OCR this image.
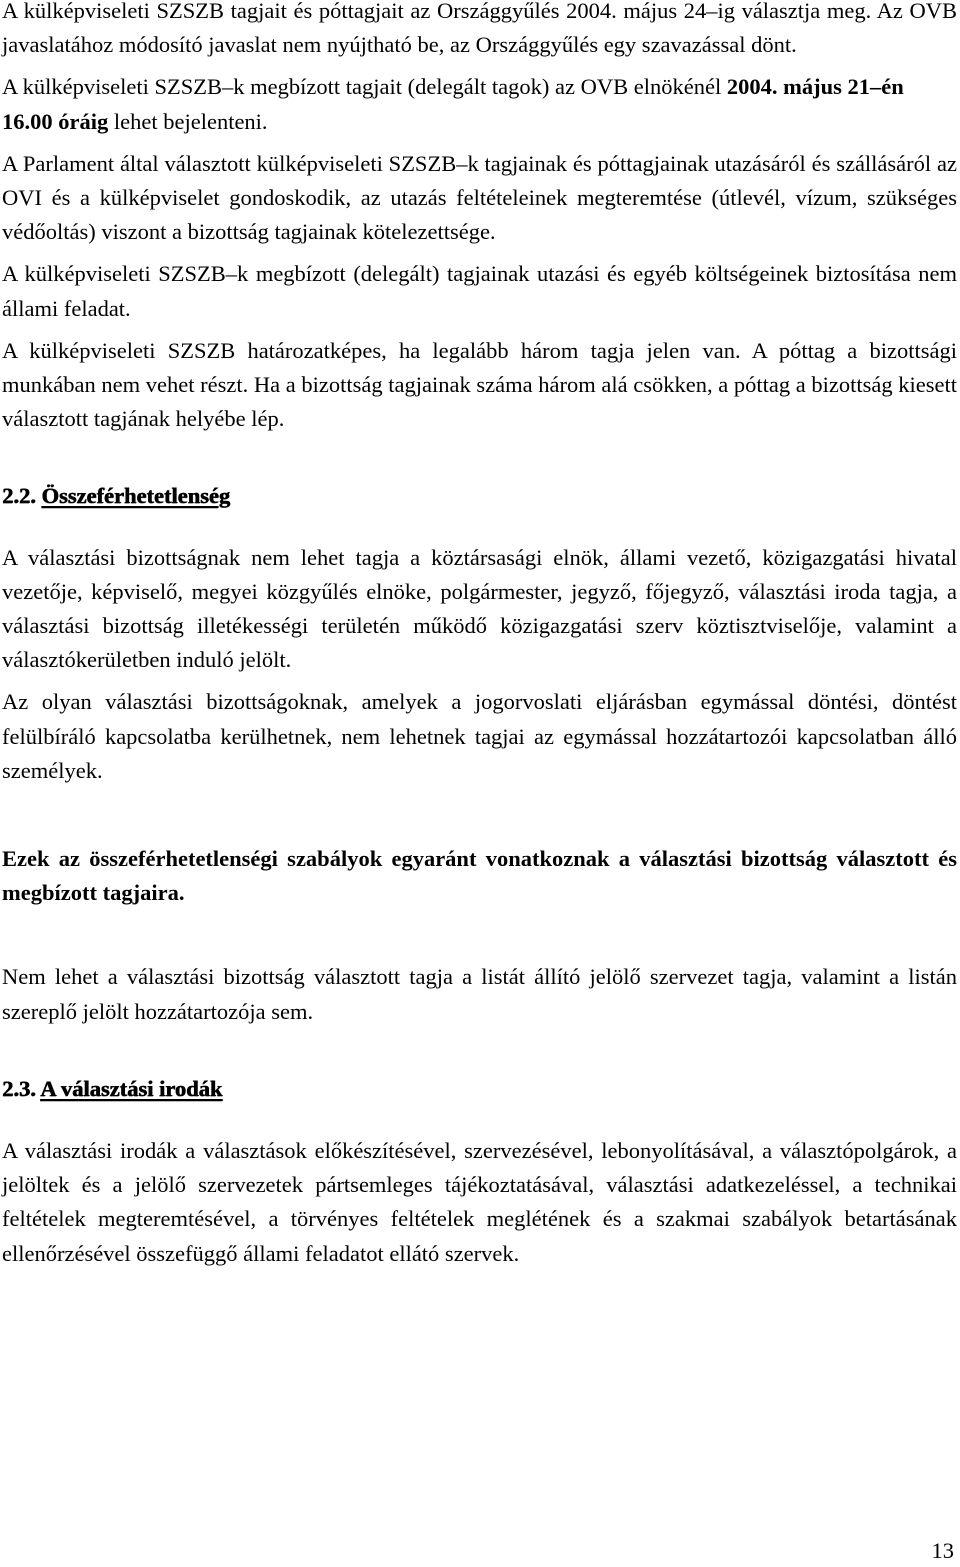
A külképviseleti SZSZB tagjait és póttagjait az Országgyűlés 2004. május 24–ig választja meg. Az OVB javaslatához módosító javaslat nem nyújtható be, az Országgyűlés egy szavazással dönt.

A külképviseleti SZSZB–k megbízott tagjait (delegált tagok) az OVB elnökénél 2004. május 21–én 16.00 óráig lehet bejelenteni.

A Parlament által választott külképviseleti SZSZB–k tagjainak és póttagjainak utazásáról és szállásáról az OVI és a külképviselet gondoskodik, az utazás feltételeinek megteremtése (útlevél, vízum, szükséges védőoltás) viszont a bizottság tagjainak kötelezettsége.

A külképviseleti SZSZB–k megbízott (delegált) tagjainak utazási és egyéb költségeinek biztosítása nem állami feladat.

A külképviseleti SZSZB határozatképes, ha legalább három tagja jelen van. A póttag a bizottsági munkában nem vehet részt. Ha a bizottság tagjainak száma három alá csökken, a póttag a bizottság kiesett választott tagjának helyébe lép.

2.2. Összeférhetetlenség

A választási bizottságnak nem lehet tagja a köztársasági elnök, állami vezető, közigazgatási hivatal vezetője, képviselő, megyei közgyűlés elnöke, polgármester, jegyző, főjegyző, választási iroda tagja, a választási bizottság illetékességi területén működő közigazgatási szerv köztisztviselője, valamint a választókerületben induló jelölt.

Az olyan választási bizottságoknak, amelyek a jogorvoslati eljárásban egymással döntési, döntést felülbíráló kapcsolatba kerülhetnek, nem lehetnek tagjai az egymással hozzátartozói kapcsolatban álló személyek.

Ezek az összeférhetetlenségi szabályok egyaránt vonatkoznak a választási bizottság választott és megbízott tagjaira.

Nem lehet a választási bizottság választott tagja a listát állító jelölő szervezet tagja, valamint a listán szereplő jelölt hozzátartozója sem.

2.3. A választási irodák

A választási irodák a választások előkészítésével, szervezésével, lebonyolításával, a választópolgárok, a jelöltek és a jelölő szervezetek pártsemleges tájékoztatásával, választási adatkezeléssel, a technikai feltételek megteremtésével, a törvényes feltételek meglétének és a szakmai szabályok betartásának ellenőrzésével összefüggő állami feladatot ellátó szervek.

13
